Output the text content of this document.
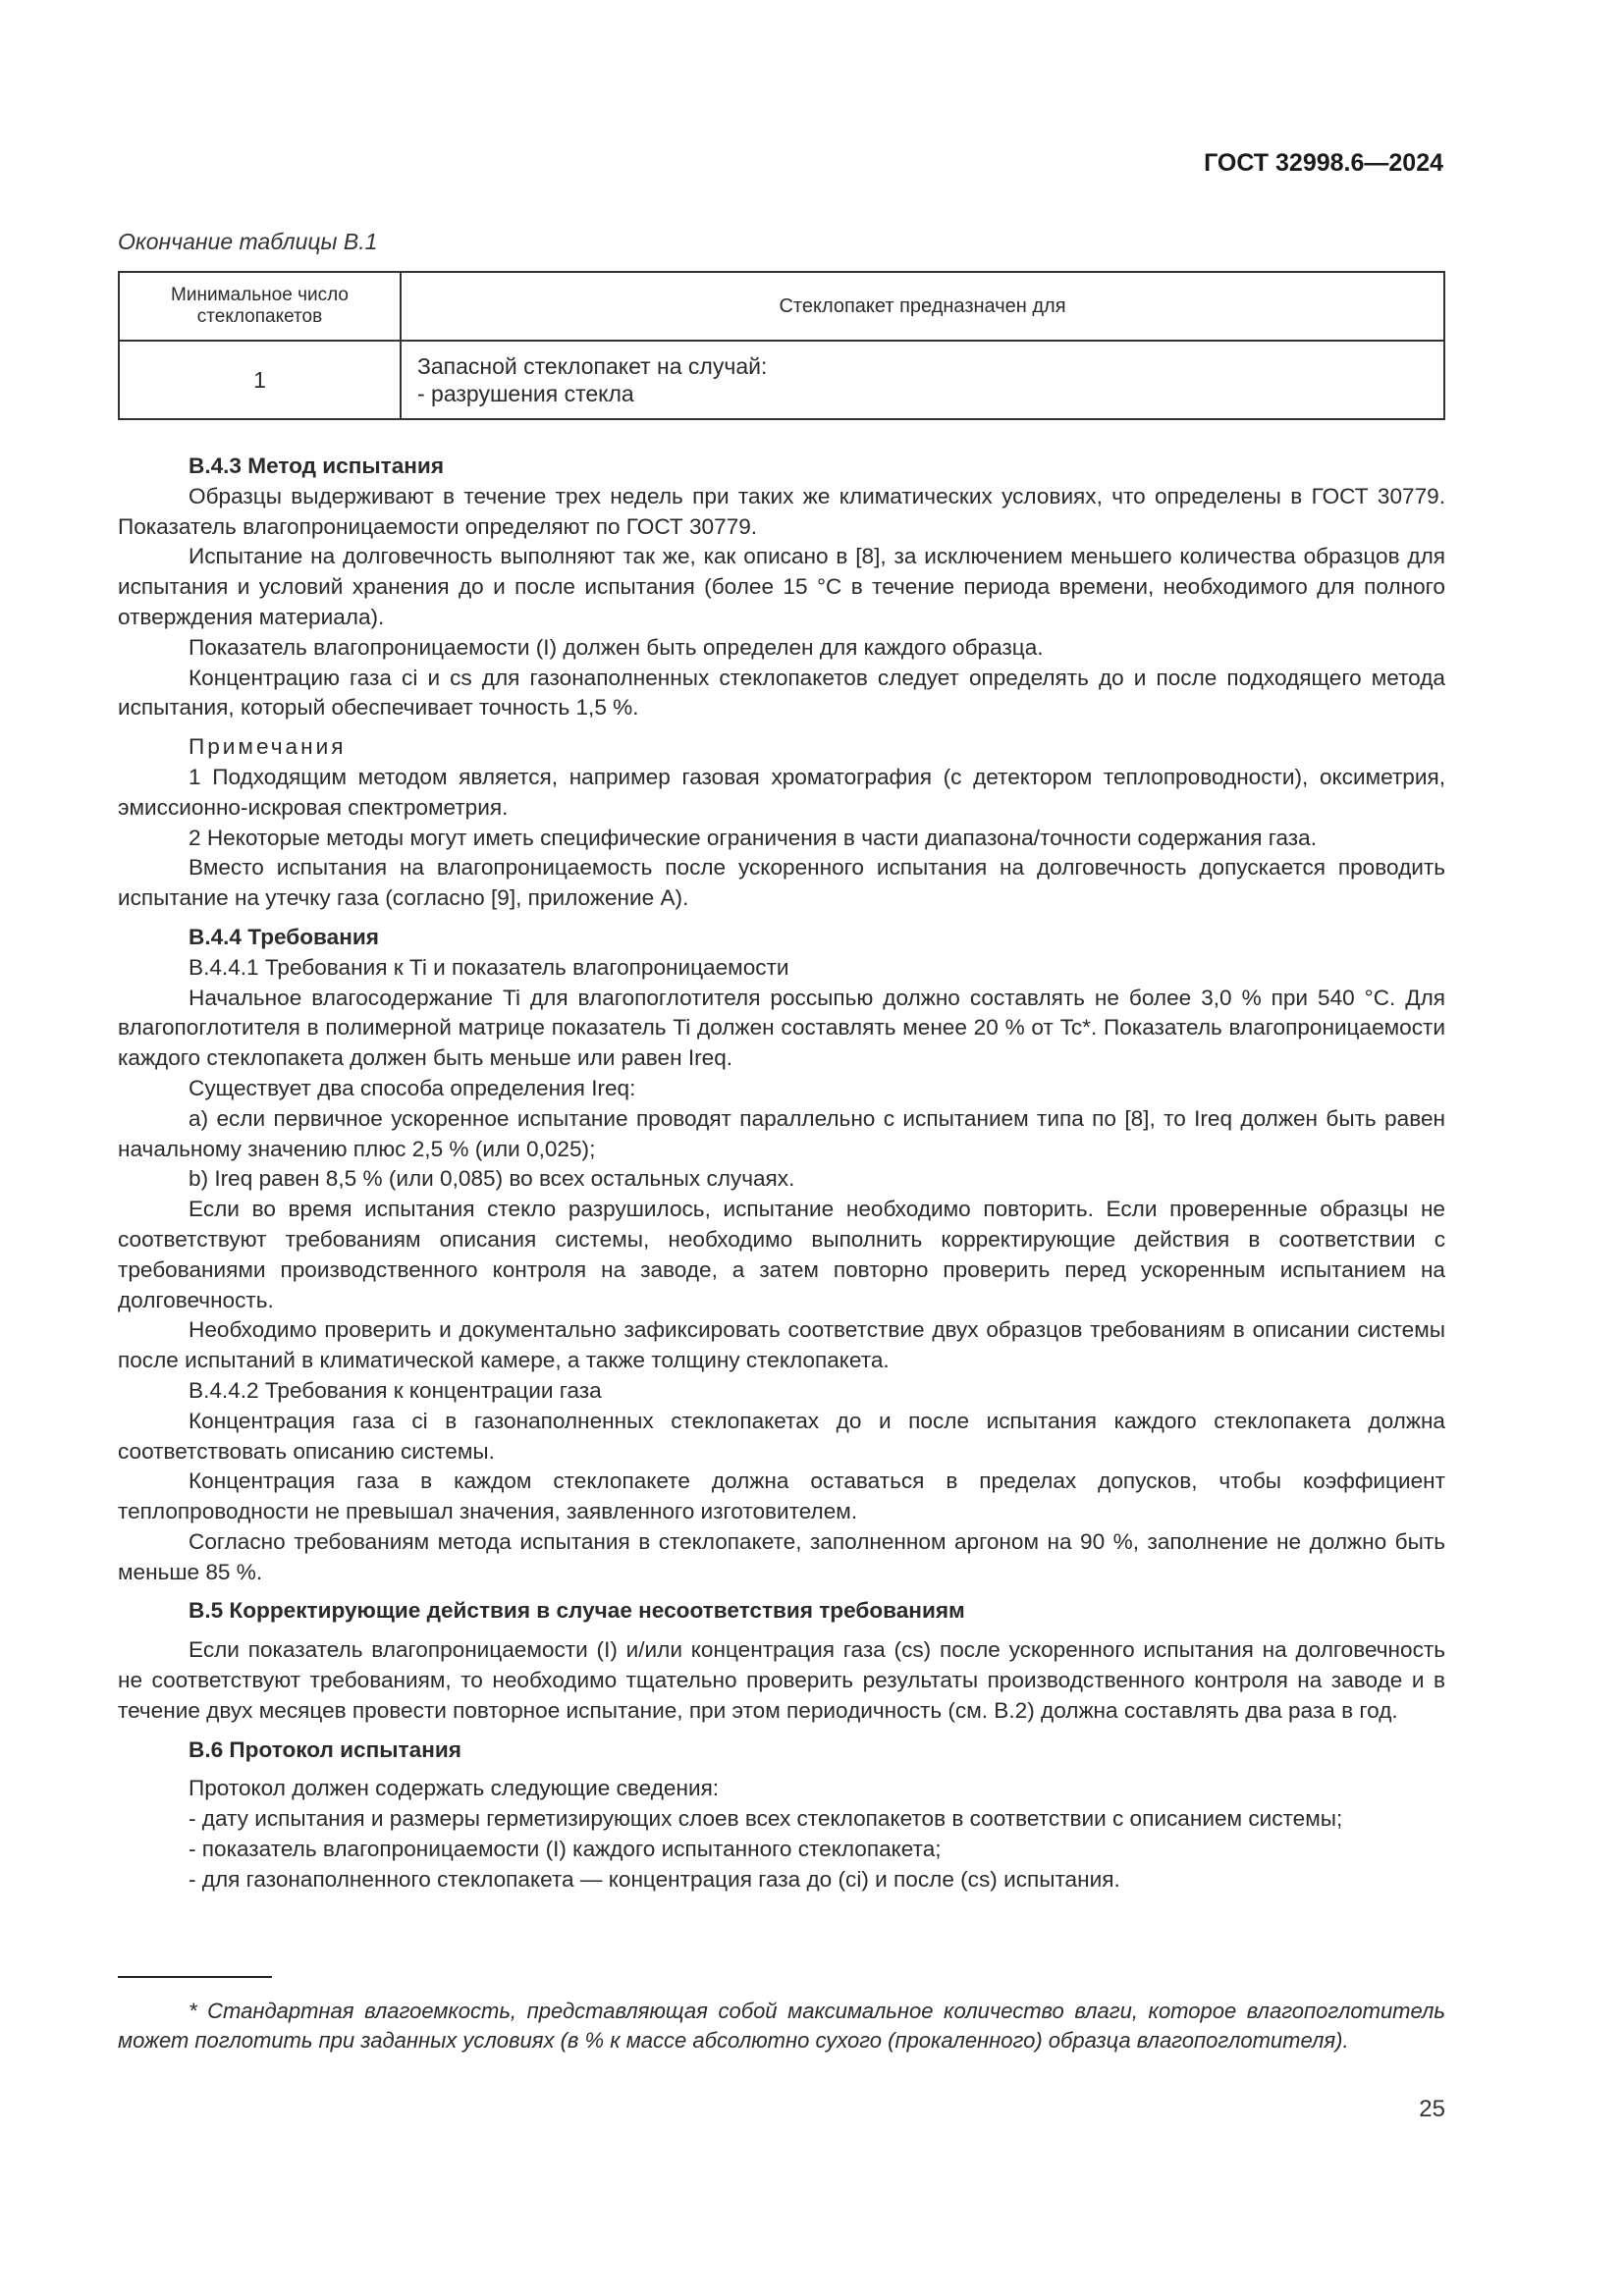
ГОСТ 32998.6—2024
Окончание таблицы В.1
Минимальное число стеклопакетов	Стеклопакет предназначен для
1	Запасной стеклопакет на случай:
- разрушения стекла

B.4.3 Метод испытания

Образцы выдерживают в течение трех недель при таких же климатических условиях, что определены в ГОСТ 30779. Показатель влагопроницаемости определяют по ГОСТ 30779.

Испытание на долговечность выполняют так же, как описано в [8], за исключением меньшего количества образцов для испытания и условий хранения до и после испытания (более 15 °С в течение периода времени, необходимого для полного отверждения материала).

Показатель влагопроницаемости (I) должен быть определен для каждого образца.

Концентрацию газа ci и cs для газонаполненных стеклопакетов следует определять до и после подходящего метода испытания, который обеспечивает точность 1,5 %.

Примечания

1 Подходящим методом является, например газовая хроматография (с детектором теплопроводности), оксиметрия, эмиссионно-искровая спектрометрия.

2 Некоторые методы могут иметь специфические ограничения в части диапазона/точности содержания газа.

Вместо испытания на влагопроницаемость после ускоренного испытания на долговечность допускается проводить испытание на утечку газа (согласно [9], приложение А).

B.4.4 Требования

B.4.4.1 Требования к Ti и показатель влагопроницаемости

Начальное влагосодержание Ti для влагопоглотителя россыпью должно составлять не более 3,0 % при 540 °С. Для влагопоглотителя в полимерной матрице показатель Ti должен составлять менее 20 % от Tc*. Показатель влагопроницаемости каждого стеклопакета должен быть меньше или равен Ireq.

Существует два способа определения Ireq:

a) если первичное ускоренное испытание проводят параллельно с испытанием типа по [8], то Ireq должен быть равен начальному значению плюс 2,5 % (или 0,025);

b) Ireq равен 8,5 % (или 0,085) во всех остальных случаях.

Если во время испытания стекло разрушилось, испытание необходимо повторить. Если проверенные образцы не соответствуют требованиям описания системы, необходимо выполнить корректирующие действия в соответствии с требованиями производственного контроля на заводе, а затем повторно проверить перед ускоренным испытанием на долговечность.

Необходимо проверить и документально зафиксировать соответствие двух образцов требованиям в описании системы после испытаний в климатической камере, а также толщину стеклопакета.

B.4.4.2 Требования к концентрации газа

Концентрация газа ci в газонаполненных стеклопакетах до и после испытания каждого стеклопакета должна соответствовать описанию системы.

Концентрация газа в каждом стеклопакете должна оставаться в пределах допусков, чтобы коэффициент теплопроводности не превышал значения, заявленного изготовителем.

Согласно требованиям метода испытания в стеклопакете, заполненном аргоном на 90 %, заполнение не должно быть меньше 85 %.

B.5 Корректирующие действия в случае несоответствия требованиям

Если показатель влагопроницаемости (I) и/или концентрация газа (cs) после ускоренного испытания на долговечность не соответствуют требованиям, то необходимо тщательно проверить результаты производственного контроля на заводе и в течение двух месяцев провести повторное испытание, при этом периодичность (см. B.2) должна составлять два раза в год.

B.6 Протокол испытания

Протокол должен содержать следующие сведения:

- дату испытания и размеры герметизирующих слоев всех стеклопакетов в соответствии с описанием системы;

- показатель влагопроницаемости (I) каждого испытанного стеклопакета;

- для газонаполненного стеклопакета — концентрация газа до (ci) и после (cs) испытания.

* Стандартная влагоемкость, представляющая собой максимальное количество влаги, которое влагопоглотитель может поглотить при заданных условиях (в % к массе абсолютно сухого (прокаленного) образца влагопоглотителя).
25
